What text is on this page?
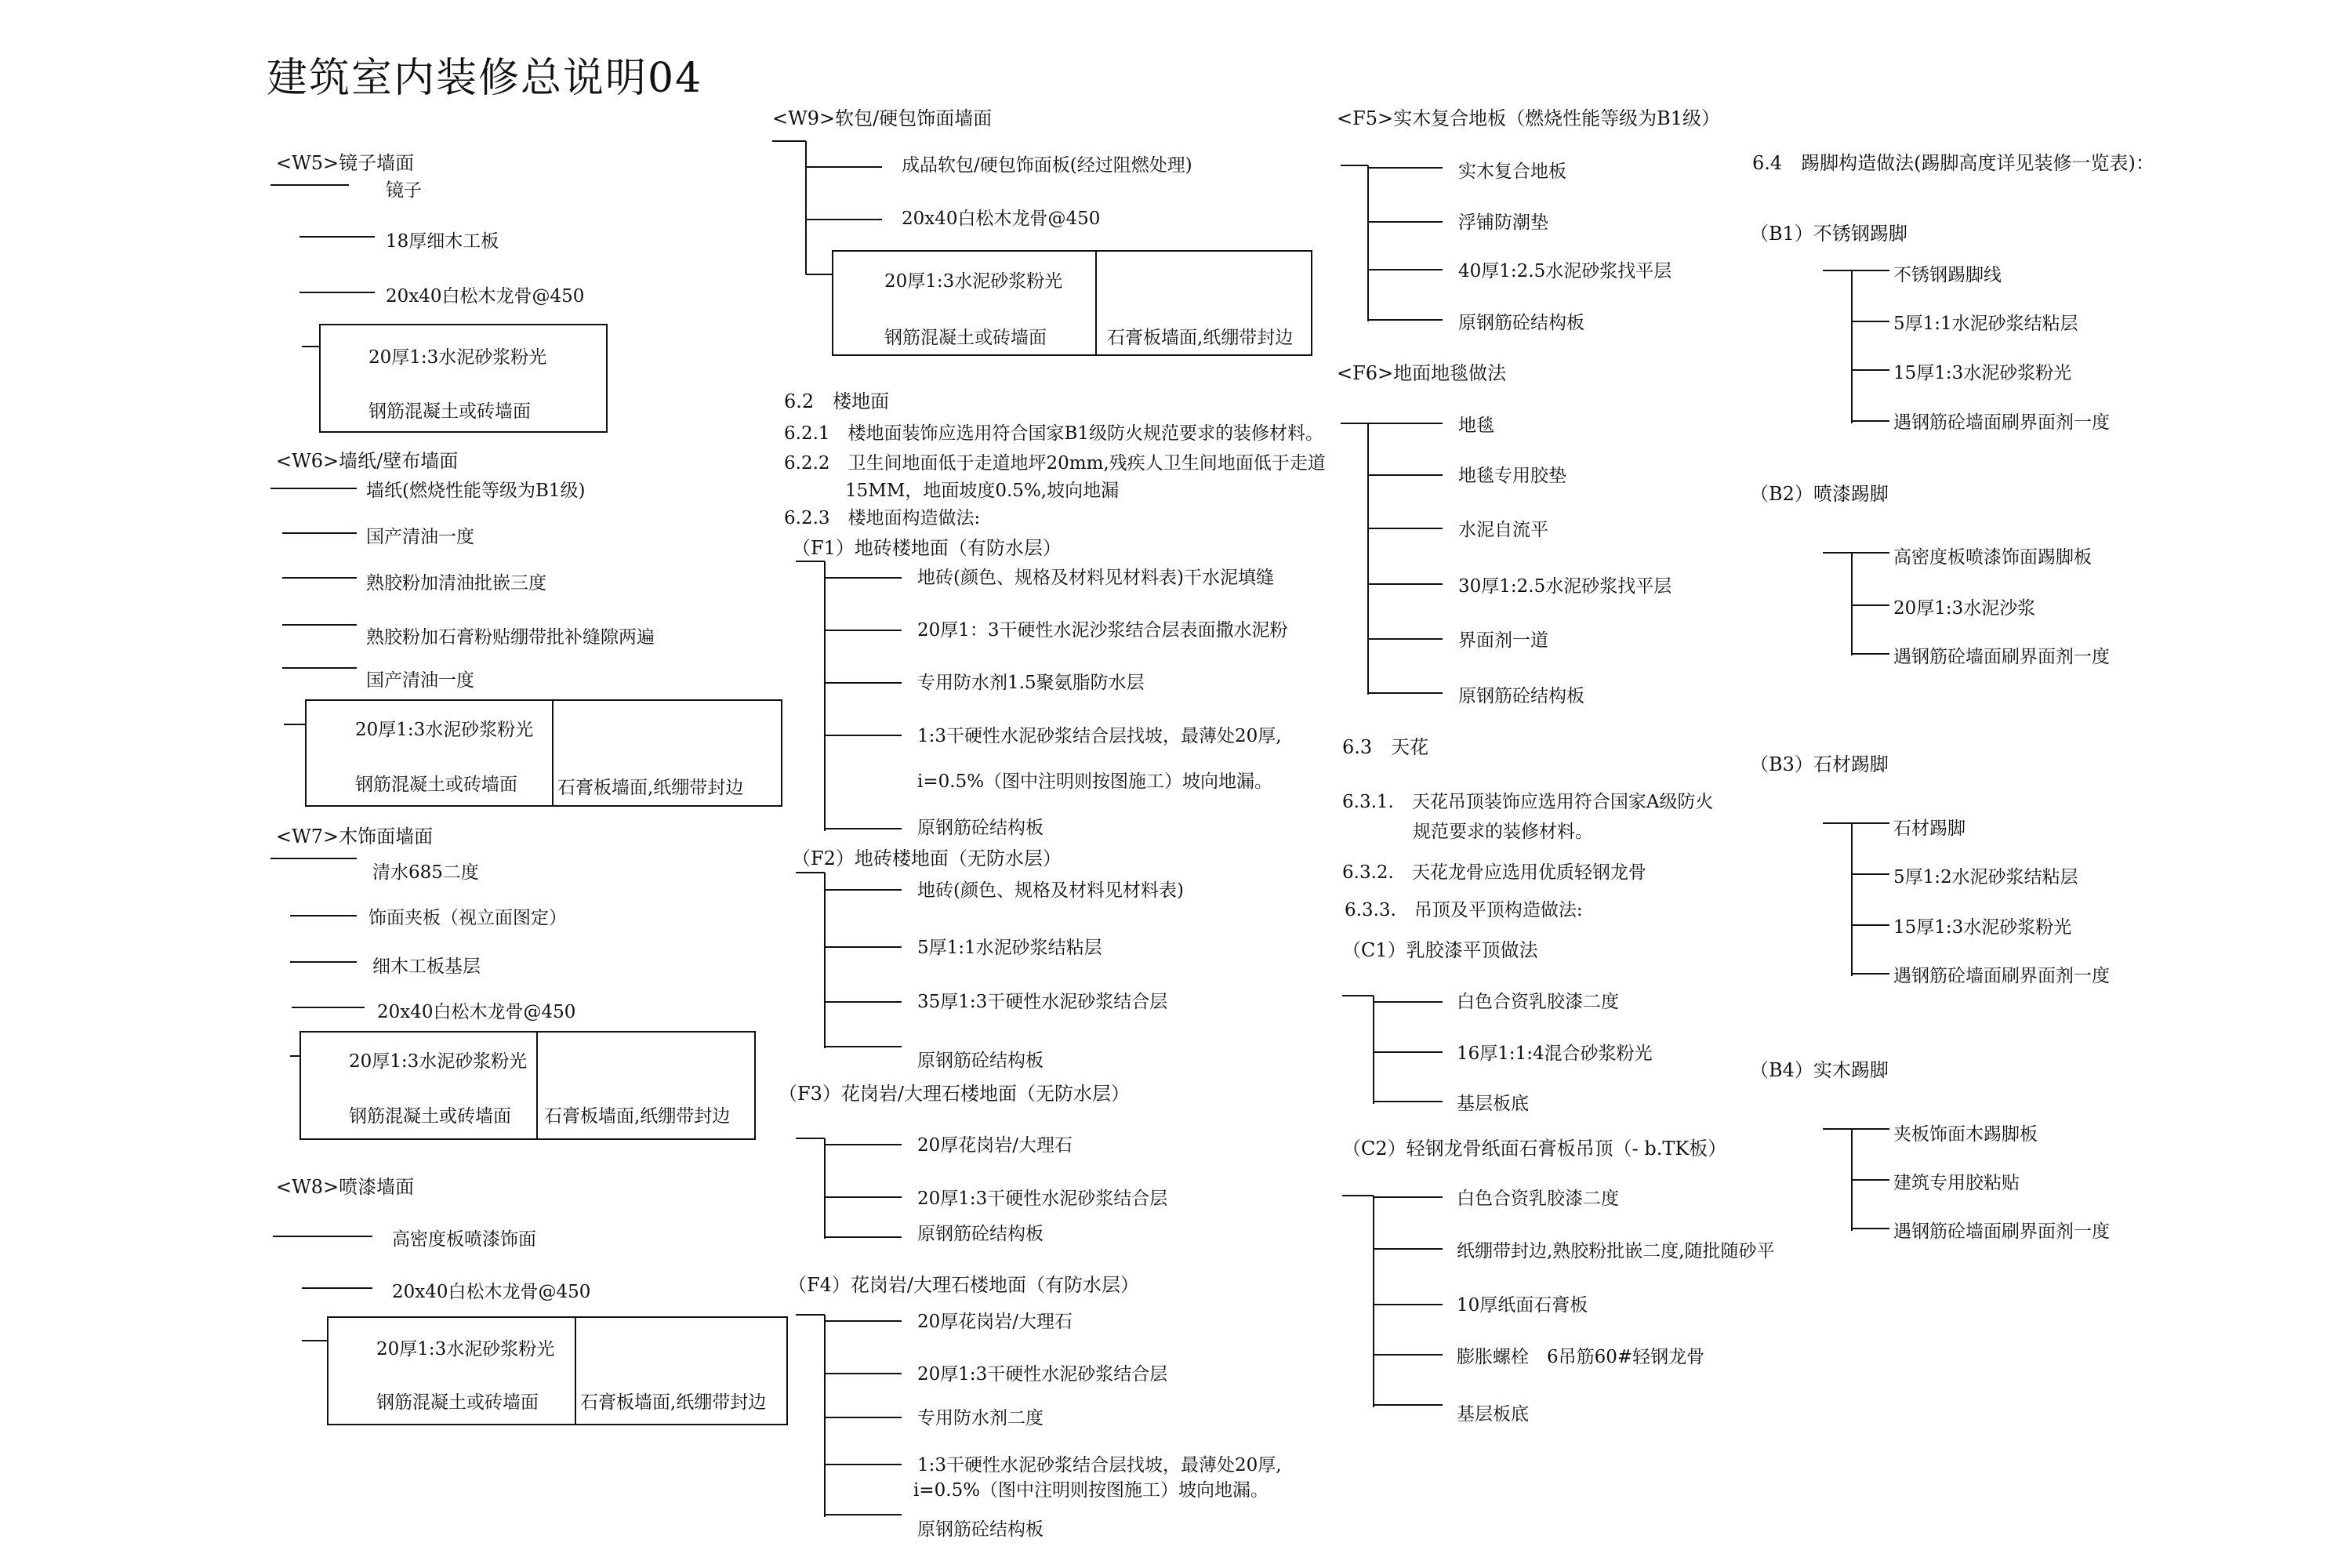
建筑室内装修总说明04
<W5>镜子墙面
镜子
18厚细木工板
20x40白松木龙骨@450
20厚1:3水泥砂浆粉光
钢筋混凝土或砖墙面
<W6>墙纸/壁布墙面
墙纸(燃烧性能等级为B1级)
国产清油一度
熟胶粉加清油批嵌三度
熟胶粉加石膏粉贴绷带批补缝隙两遍
国产清油一度
20厚1:3水泥砂浆粉光
钢筋混凝土或砖墙面 石膏板墙面,纸绷带封边
<W7>木饰面墙面
清水685二度
饰面夹板（视立面图定）
细木工板基层
20x40白松木龙骨@450
20厚1:3水泥砂浆粉光
钢筋混凝土或砖墙面 石膏板墙面,纸绷带封边
<W8>喷漆墙面
高密度板喷漆饰面
20x40白松木龙骨@450
20厚1:3水泥砂浆粉光
钢筋混凝土或砖墙面 石膏板墙面,纸绷带封边
<W9>软包/硬包饰面墙面
成品软包/硬包饰面板(经过阻燃处理)
20x40白松木龙骨@450
20厚1:3水泥砂浆粉光
钢筋混凝土或砖墙面	石膏板墙面,纸绷带封边
6.2　楼地面
6.2.1　楼地面装饰应选用符合国家B1级防火规范要求的装修材料。
6.2.2　卫生间地面低于走道地坪20mm,残疾人卫生间地面低于走道
15MM，地面坡度0.5%,坡向地漏
6.2.3　楼地面构造做法:
（F1）地砖楼地面（有防水层）
地砖(颜色、规格及材料见材料表)干水泥填缝
20厚1：3干硬性水泥沙浆结合层表面撒水泥粉
专用防水剂1.5聚氨脂防水层
1:3干硬性水泥砂浆结合层找坡，最薄处20厚,
i=0.5%（图中注明则按图施工）坡向地漏。
原钢筋砼结构板
（F2）地砖楼地面（无防水层）
地砖(颜色、规格及材料见材料表)
5厚1:1水泥砂浆结粘层
35厚1:3干硬性水泥砂浆结合层
原钢筋砼结构板
（F3）花岗岩/大理石楼地面（无防水层）
20厚花岗岩/大理石
20厚1:3干硬性水泥砂浆结合层
原钢筋砼结构板
（F4）花岗岩/大理石楼地面（有防水层）
20厚花岗岩/大理石
20厚1:3干硬性水泥砂浆结合层
专用防水剂二度
1:3干硬性水泥砂浆结合层找坡，最薄处20厚,
i=0.5%（图中注明则按图施工）坡向地漏。
原钢筋砼结构板
<F5>实木复合地板（燃烧性能等级为B1级）
实木复合地板
浮铺防潮垫
40厚1:2.5水泥砂浆找平层
原钢筋砼结构板
<F6>地面地毯做法
地毯
地毯专用胶垫
水泥自流平
30厚1:2.5水泥砂浆找平层
界面剂一道
原钢筋砼结构板
6.3　天花
6.3.1.　天花吊顶装饰应选用符合国家A级防火
规范要求的装修材料。
6.3.2.　天花龙骨应选用优质轻钢龙骨
6.3.3.　吊顶及平顶构造做法:
（C1）乳胶漆平顶做法
白色合资乳胶漆二度
16厚1:1:4混合砂浆粉光
基层板底
（C2）轻钢龙骨纸面石膏板吊顶（- b.TK板）
白色合资乳胶漆二度
纸绷带封边,熟胶粉批嵌二度,随批随砂平
10厚纸面石膏板
膨胀螺栓　6吊筋60#轻钢龙骨
基层板底
6.4　踢脚构造做法(踢脚高度详见装修一览表)：
（B1）不锈钢踢脚
不锈钢踢脚线
5厚1:1水泥砂浆结粘层
15厚1:3水泥砂浆粉光
遇钢筋砼墙面刷界面剂一度
（B2）喷漆踢脚
高密度板喷漆饰面踢脚板
20厚1:3水泥沙浆
遇钢筋砼墙面刷界面剂一度
（B3）石材踢脚
石材踢脚
5厚1:2水泥砂浆结粘层
15厚1:3水泥砂浆粉光
遇钢筋砼墙面刷界面剂一度
（B4）实木踢脚
夹板饰面木踢脚板
建筑专用胶粘贴
遇钢筋砼墙面刷界面剂一度
